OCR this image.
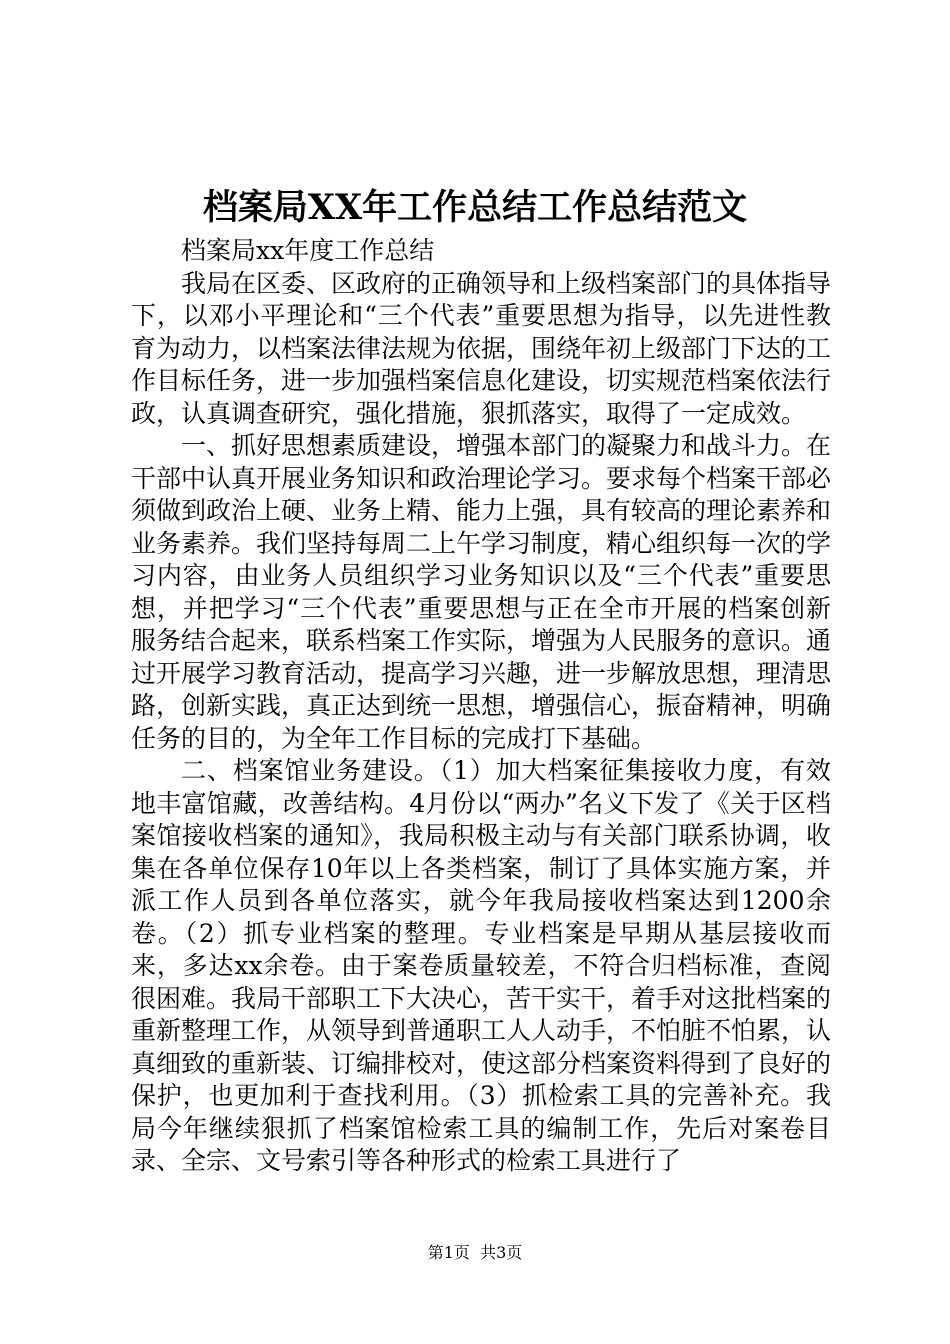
档案局XX年工作总结工作总结范文

档案局xx年度工作总结

我局在区委、区政府的正确领导和上级档案部门的具体指导下，以邓小平理论和“三个代表”重要思想为指导，以先进性教育为动力，以档案法律法规为依据，围绕年初上级部门下达的工作目标任务，进一步加强档案信息化建设，切实规范档案依法行政，认真调查研究，强化措施，狠抓落实，取得了一定成效。

一、抓好思想素质建设，增强本部门的凝聚力和战斗力。在干部中认真开展业务知识和政治理论学习。要求每个档案干部必须做到政治上硬、业务上精、能力上强，具有较高的理论素养和业务素养。我们坚持每周二上午学习制度，精心组织每一次的学习内容，由业务人员组织学习业务知识以及“三个代表”重要思想，并把学习“三个代表”重要思想与正在全市开展的档案创新服务结合起来，联系档案工作实际，增强为人民服务的意识。通过开展学习教育活动，提高学习兴趣，进一步解放思想，理清思路，创新实践，真正达到统一思想，增强信心，振奋精神，明确任务的目的，为全年工作目标的完成打下基础。

二、档案馆业务建设。（1）加大档案征集接收力度，有效地丰富馆藏，改善结构。4月份以“两办”名义下发了《关于区档案馆接收档案的通知》，我局积极主动与有关部门联系协调，收集在各单位保存10年以上各类档案，制订了具体实施方案，并派工作人员到各单位落实，就今年我局接收档案达到1200余卷。（2）抓专业档案的整理。专业档案是早期从基层接收而来，多达xx余卷。由于案卷质量较差，不符合归档标准，查阅很困难。我局干部职工下大决心，苦干实干，着手对这批档案的重新整理工作，从领导到普通职工人人动手，不怕脏不怕累，认真细致的重新装、订编排校对，使这部分档案资料得到了良好的保护，也更加利于查找利用。（3）抓检索工具的完善补充。我局今年继续狠抓了档案馆检索工具的编制工作，先后对案卷目录、全宗、文号索引等各种形式的检索工具进行了

第1页  共3页
